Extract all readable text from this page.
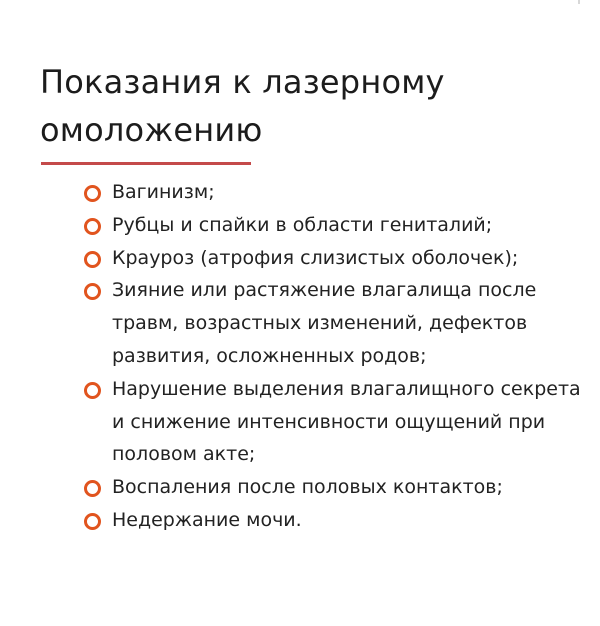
Показания к лазерному омоложению
Вагинизм;
Рубцы и спайки в области гениталий;
Крауроз (атрофия слизистых оболочек);
Зияние или растяжение влагалища после травм, возрастных изменений, дефектов развития, осложненных родов;
Нарушение выделения влагалищного секрета и снижение интенсивности ощущений при половом акте;
Воспаления после половых контактов;
Недержание мочи.
